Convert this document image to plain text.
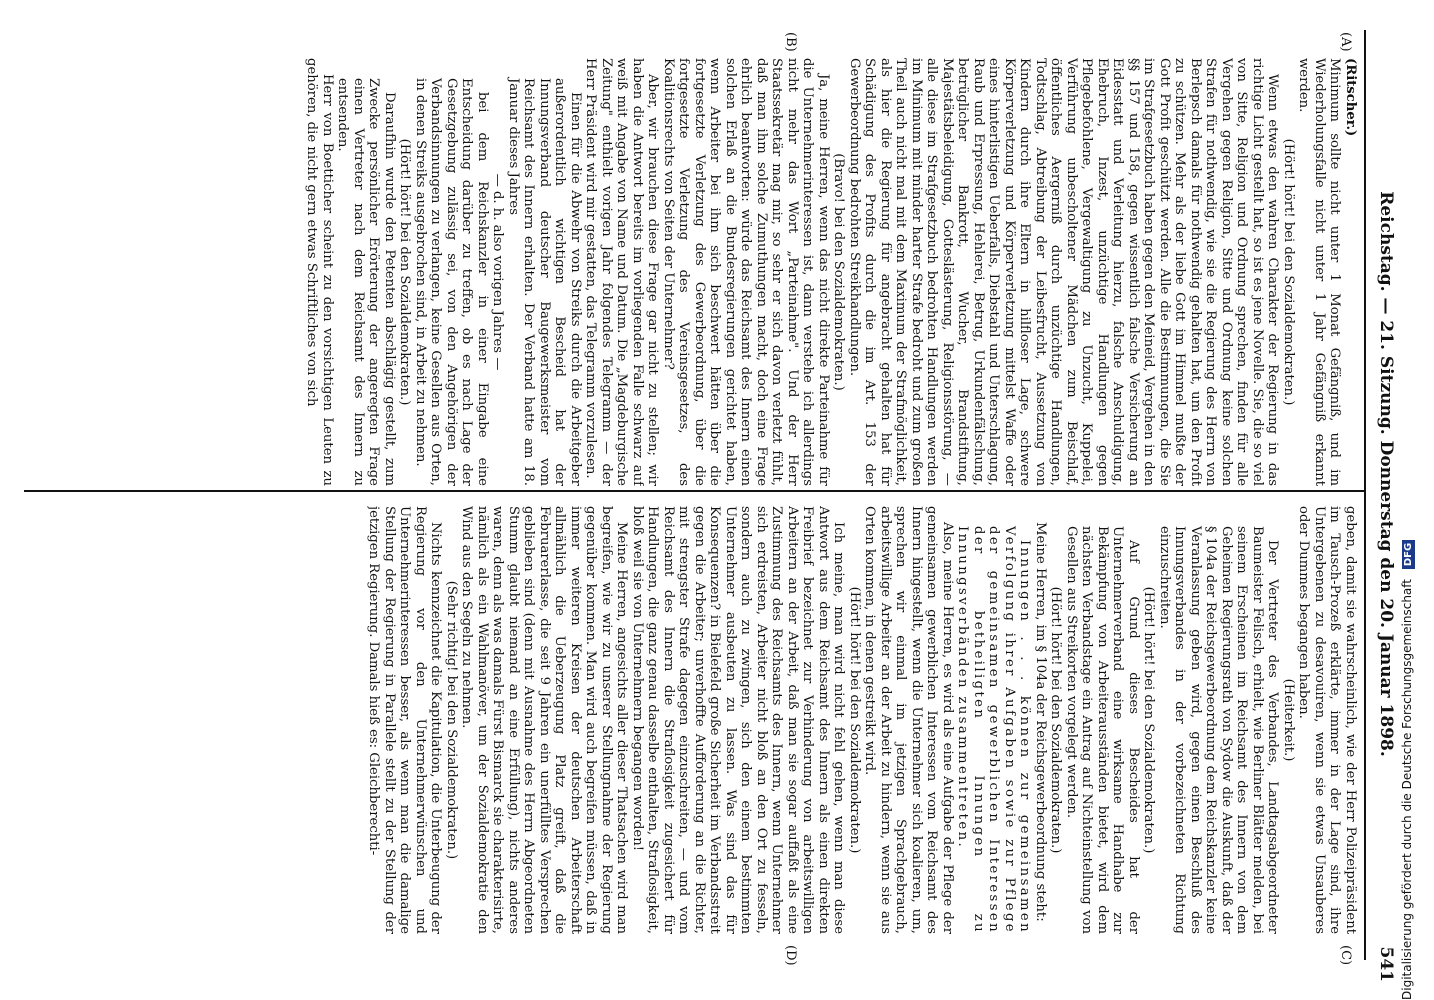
Reichstag. — 21. Sitzung. Donnerstag den 20. Januar 1898.
541
(A)
(B)
(C)
(D)

(Ritscher.)

Minimum sollte nicht unter 1 Monat Gefängniß, und im Wiederholungsfalle nicht unter 1 Jahr Gefängniß erkannt werden.

(Hört! hört! bei den Sozialdemokraten.)

Wenn etwas den wahren Charakter der Regierung in das richtige Licht gestellt hat, so ist es jene Novelle. Sie, die so viel von Sitte, Religion und Ordnung sprechen, finden für alle Vergehen gegen Religion, Sitte und Ordnung keine solchen Strafen für nothwendig, wie sie die Regierung des Herrn von Berlepsch damals für nothwendig gehalten hat, um den Profit zu schützen. Mehr als der liebe Gott im Himmel mußte der Gott Profit geschützt werden. Alle die Bestimmungen, die Sie im Strafgesetzbuch haben gegen den Meineid, Vergehen in den §§ 157 und 158, gegen wissentlich falsche Versicherung an Eidesstatt und Verleitung hierzu, falsche Anschuldigung, Ehebruch, Inzest, unzüchtige Handlungen gegen Pflegebefohlene, Vergewaltigung zu Unzucht, Kuppelei, Verführung unbescholtener Mädchen zum Beischlaf, öffentliches Aergerniß durch unzüchtige Handlungen, Todtschlag, Abtreibung der Leibesfrucht, Aussetzung von Kindern durch ihre Eltern in hilfloser Lage, schwere Körperverletzung und Körperverletzung mittelst Waffe oder eines hinterlistigen Ueberfalls, Diebstahl und Unterschlagung, Raub und Erpressung, Hehlerei, Betrug, Urkundenfälschung, betrüglicher Bankrott, Wucher, Brandstiftung, Majestätsbeleidigung, Gotteslästerung, Religionsstörung, — alle diese im Strafgesetzbuch bedrohten Handlungen werden im Minimum mit minder harter Strafe bedroht und zum großen Theil auch nicht mal mit dem Maximum der Strafmöglichkeit, als hier die Regierung für angebracht gehalten hat für Schädigung des Profits durch die im Art. 153 der Gewerbeordnung bedrohten Streikhandlungen.

(Bravo! bei den Sozialdemokraten.)

Ja, meine Herren, wenn das nicht direkte Parteinahme für die Unternehmerinteressen ist, dann verstehe ich allerdings nicht mehr das Wort „Parteinahme". Und der Herr Staatssekretär mag mir, so sehr er sich davon verletzt fühlt, daß man ihm solche Zumuthungen macht, doch eine Frage ehrlich beantworten: würde das Reichsamt des Innern einen solchen Erlaß an die Bundesregierungen gerichtet haben, wenn Arbeiter bei ihm sich beschwert hätten über die fortgesetzte Verletzung des Gewerbeordnung, über die fortgesetzte Verletzung des Vereinsgesetzes, des Koalitionsrechts von Seiten der Unternehmer?

Aber, wir brauchen diese Frage gar nicht zu stellen; wir haben die Antwort bereits im vorliegenden Falle schwarz auf weiß mit Angabe von Name und Datum. Die „Magdeburgische Zeitung" enthielt vorigen Jahr folgendes Telegramm — der Herr Präsident wird mir gestatten, das Telegramm vorzulesen.

Einen für die Abwehr von Streiks durch die Arbeitgeber außerordentlich wichtigen Bescheid hat der Innungsverband deutscher Baugewerksmeister vom Reichsamt des Innern erhalten. Der Verband hatte am 18. Januar dieses Jahres

— d. h. also vorigen Jahres —

bei dem Reichskanzler in einer Eingabe eine Entscheidung darüber zu treffen, ob es nach Lage der Gesetzgebung zulässig sei, von den Angehörigen der Verbandsinnungen zu verlangen, keine Gesellen aus Orten, in denen Streiks ausgebrochen sind, in Arbeit zu nehmen.

(Hört! hört! bei den Sozialdemokraten.)

Daraufhin wurde den Petenten abschlägig gestellt, zum Zwecke persönlicher Erörterung der angeregten Frage einen Vertreter nach dem Reichsamt des Innern zu entsenden.

Herr von Boetticher scheint zu den vorsichtigen Leuten zu gehören, die nicht gern etwas Schriftliches von sich

geben, damit sie wahrscheinlich, wie der Herr Polizeipräsident im Tausch-Prozeß erklärte, immer in der Lage sind, ihre Untergebenen zu desavouiren, wenn sie etwas Unsauberes oder Dummes begangen haben.

(Heiterkeit.)

Der Vertreter des Verbandes, Landtagsabgeordneter Baumeister Felisch, erhielt, wie Berliner Blätter melden, bei seinem Erscheinen im Reichsamt des Innern von dem Geheimen Regierungsrath von Sydow die Auskunft, daß der § 104a der Reichsgewerbeordnung dem Reichskanzler keine Veranlassung geben wird, gegen einen Beschluß des Innungsverbandes in der vorbezeichneten Richtung einzuschreiten.

(Hört! hört! bei den Sozialdemokraten.)

Auf Grund dieses Bescheides hat der Unternehmerverband eine wirksame Handhabe zur Bekämpfung von Arbeiterausständen bietet, wird dem nächsten Verbandstage ein Antrag auf Nichteinstellung von Gesellen aus Streikorten vorgelegt werden.

(Hört! hört! bei den Sozialdemokraten.)

Meine Herren, im § 104a der Reichsgewerbeordnung steht:

Innungen . . . können zur gemeinsamen Verfolgung ihrer Aufgaben sowie zur Pflege der gemeinsamen gewerblichen Interessen der betheiligten Innungen zu Innungsverbänden zusammentreten.

Also, meine Herren, es wird als eine Aufgabe der Pflege der gemeinsamen gewerblichen Interessen vom Reichsamt des Innern hingestellt, wenn die Unternehmer sich koalieren, um, sprechen wir einmal im jetzigen Sprachgebrauch, arbeitswillige Arbeiter an der Arbeit zu hindern, wenn sie aus Orten kommen, in denen gestreikt wird.

(Hört! hört! bei den Sozialdemokraten.)

Ich meine, man wird nicht fehl gehen, wenn man diese Antwort aus dem Reichsamt des Innern als einen direkten Freibrief bezeichnet zur Verhinderung von arbeitswilligen Arbeitern an der Arbeit, daß man sie sogar auffaßt als eine Zustimmung des Reichsamts des Innern, wenn Unternehmer sich erdreisten, Arbeiter nicht bloß an den Ort zu fesseln, sondern auch zu zwingen, sich den einem bestimmten Unternehmer ausbeuten zu lassen. Was sind das für Konsequenzen? in Bielefeld große Sicherheit im Verbandsstreit gegen die Arbeiter; unverhoffte Aufforderung an die Richter, mit strengster Strafe dagegen einzuschreiten, — und vom Reichsamt des Innern die Straflosigkeit zugesichert für Handlungen, die ganz genau dasselbe enthalten, Straflosigkeit, bloß weil sie von Unternehmern begangen worden!

Meine Herren, angesichts aller dieser Thatsachen wird man begreifen, wie wir zu unserer Stellungnahme der Regierung gegenüber kommen. Man wird auch begreifen müssen, daß in immer weiteren Kreisen der deutschen Arbeiterschaft allmählich die Ueberzeugung Platz greift, daß die Februarerlasse, die seit 9 Jahren ein unerfülltes Versprechen geblieben sind (denn mit Ausnahme des Herrn Abgeordneten Stumm glaubt niemand an eine Erfüllung), nichts anderes waren, denn als was damals Fürst Bismarck sie charakterisirte, nämlich als ein Wahlmanöver, um der Sozialdemokratie den Wind aus den Segeln zu nehmen.

(Sehr richtig! bei den Sozialdemokraten.)

Nichts kennzeichnet die Kapitulation, die Unterbeugung der Regierung vor den Unternehmerwünschen und Unternehmerinteressen besser, als wenn man die damalige Stellung der Regierung in Parallele stellt zu der Stellung der jetzigen Regierung. Damals hieß es: Gleichberechti-	Digitalisierung gefördert durch die Deutsche Forschungsgemeinschaft DFG
